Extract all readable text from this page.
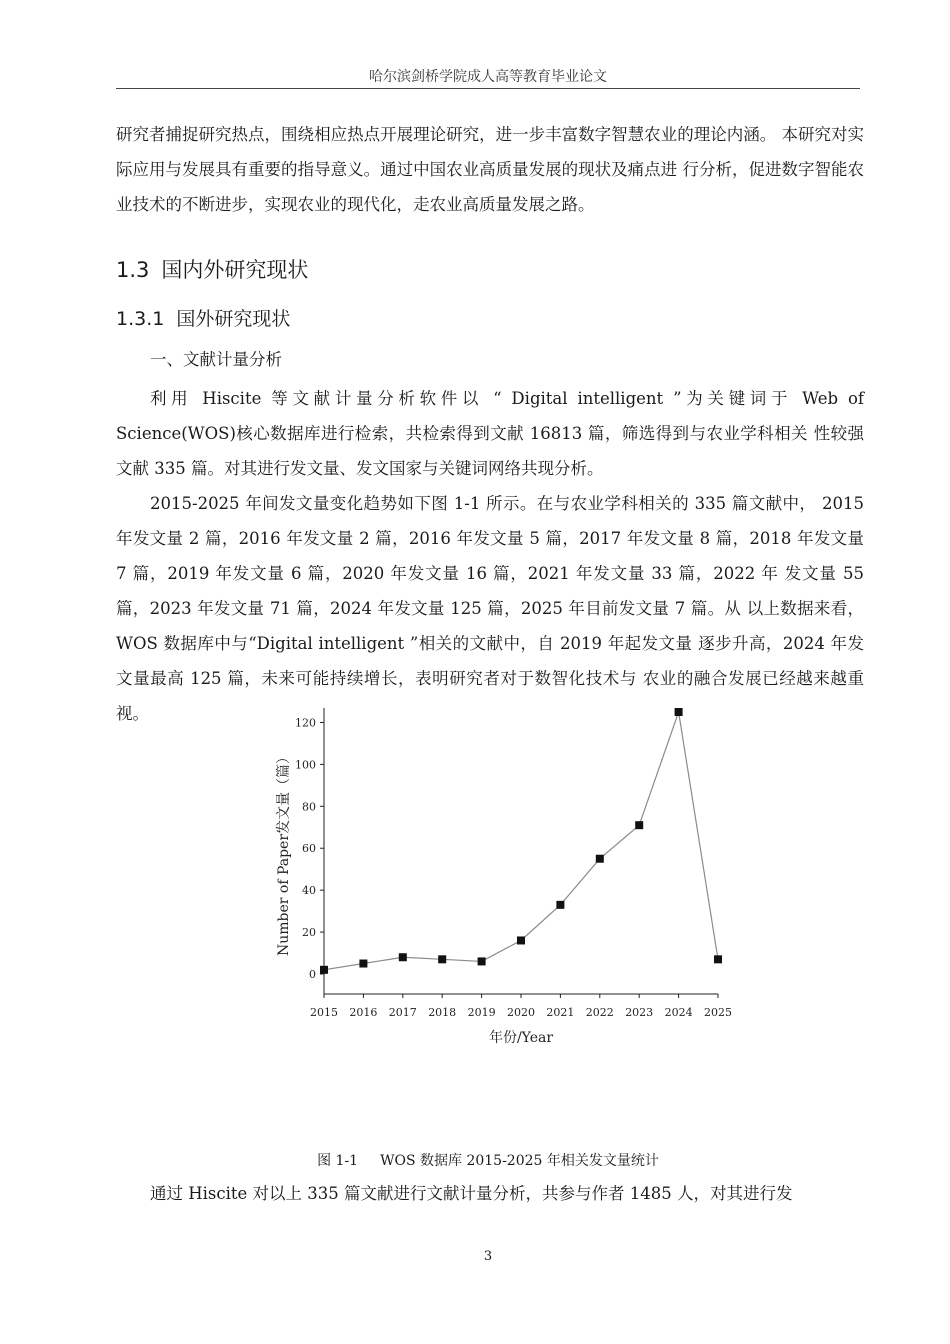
哈尔滨剑桥学院成人高等教育毕业论文
研究者捕捉研究热点，围绕相应热点开展理论研究，进一步丰富数字智慧农业的理论内涵。 本研究对实际应用与发展具有重要的指导意义。通过中国农业高质量发展的现状及痛点进 行分析，促进数字智能农业技术的不断进步，实现农业的现代化，走农业高质量发展之路。
1.3 国内外研究现状
1.3.1 国外研究现状
一、文献计量分析
利用 Hiscite 等文献计量分析软件以 “ Digital intelligent ”为关键词于 Web of Science(WOS)核心数据库进行检索，共检索得到文献 16813 篇，筛选得到与农业学科相关 性较强文献 335 篇。对其进行发文量、发文国家与关键词网络共现分析。
2015-2025 年间发文量变化趋势如下图 1-1 所示。在与农业学科相关的 335 篇文献中， 2015 年发文量 2 篇，2016 年发文量 2 篇，2016 年发文量 5 篇，2017 年发文量 8 篇，2018 年发文量 7 篇，2019 年发文量 6 篇，2020 年发文量 16 篇，2021 年发文量 33 篇，2022 年 发文量 55 篇，2023 年发文量 71 篇，2024 年发文量 125 篇，2025 年目前发文量 7 篇。从 以上数据来看，WOS 数据库中与“Digital intelligent ”相关的文献中，自 2019 年起发文量 逐步升高，2024 年发文量最高 125 篇，未来可能持续增长，表明研究者对于数智化技术与 农业的融合发展已经越来越重视。
0
20
40
60
80
100
120
2015 2016 2017 2018 2019 2020 2021 2022 2023 2024 2025
年份/Year
Number of Paper发文量（篇）
图 1-1 WOS 数据库 2015-2025 年相关发文量统计
通过 Hiscite 对以上 335 篇文献进行文献计量分析，共参与作者 1485 人，对其进行发
3
